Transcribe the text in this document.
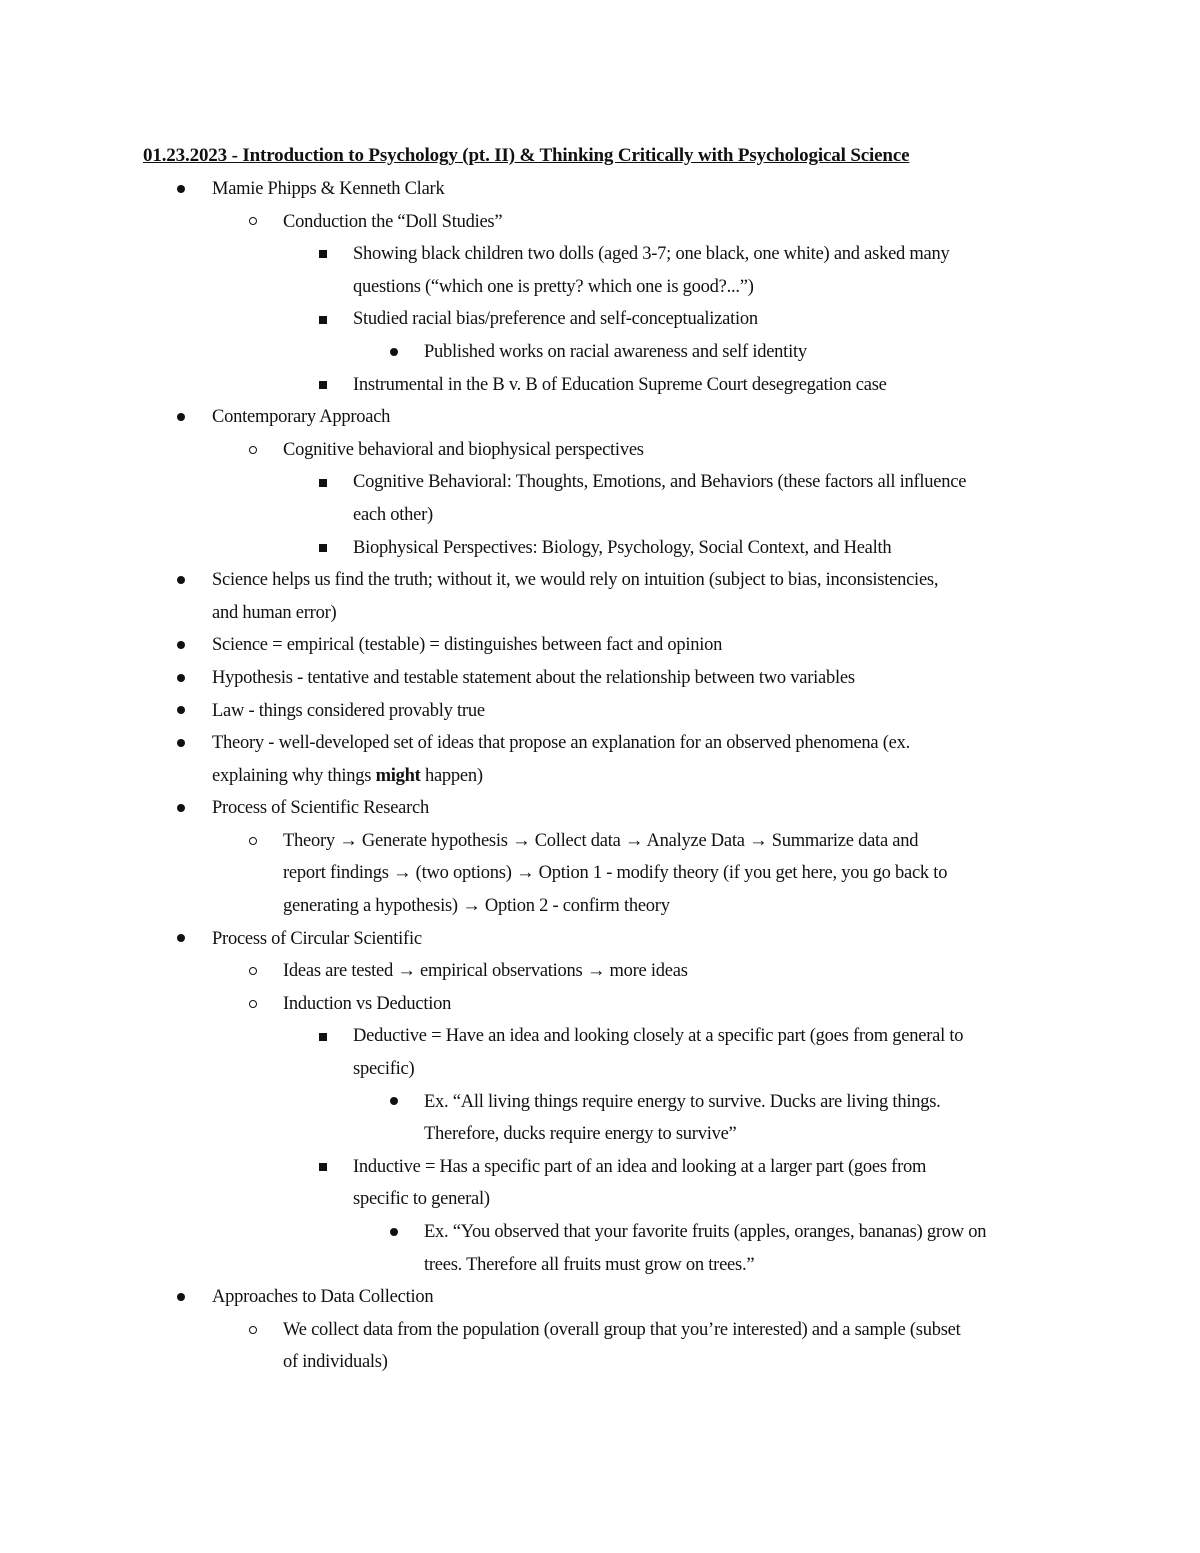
01.23.2023 - Introduction to Psychology (pt. II) & Thinking Critically with Psychological Science
Mamie Phipps & Kenneth Clark
Conduction the “Doll Studies”
Showing black children two dolls (aged 3-7; one black, one white) and asked many
questions (“which one is pretty? which one is good?...”)
Studied racial bias/preference and self-conceptualization
Published works on racial awareness and self identity
Instrumental in the B v. B of Education Supreme Court desegregation case
Contemporary Approach
Cognitive behavioral and biophysical perspectives
Cognitive Behavioral: Thoughts, Emotions, and Behaviors (these factors all influence
each other)
Biophysical Perspectives: Biology, Psychology, Social Context, and Health
Science helps us find the truth; without it, we would rely on intuition (subject to bias, inconsistencies,
and human error)
Science = empirical (testable) = distinguishes between fact and opinion
Hypothesis - tentative and testable statement about the relationship between two variables
Law - things considered provably true
Theory - well-developed set of ideas that propose an explanation for an observed phenomena (ex.
explaining why things might happen)
Process of Scientific Research
Theory → Generate hypothesis → Collect data → Analyze Data → Summarize data and
report findings → (two options) → Option 1 - modify theory (if you get here, you go back to
generating a hypothesis) → Option 2 - confirm theory
Process of Circular Scientific
Ideas are tested → empirical observations → more ideas
Induction vs Deduction
Deductive = Have an idea and looking closely at a specific part (goes from general to
specific)
Ex. “All living things require energy to survive. Ducks are living things.
Therefore, ducks require energy to survive”
Inductive = Has a specific part of an idea and looking at a larger part (goes from
specific to general)
Ex. “You observed that your favorite fruits (apples, oranges, bananas) grow on
trees. Therefore all fruits must grow on trees.”
Approaches to Data Collection
We collect data from the population (overall group that you’re interested) and a sample (subset
of individuals)
